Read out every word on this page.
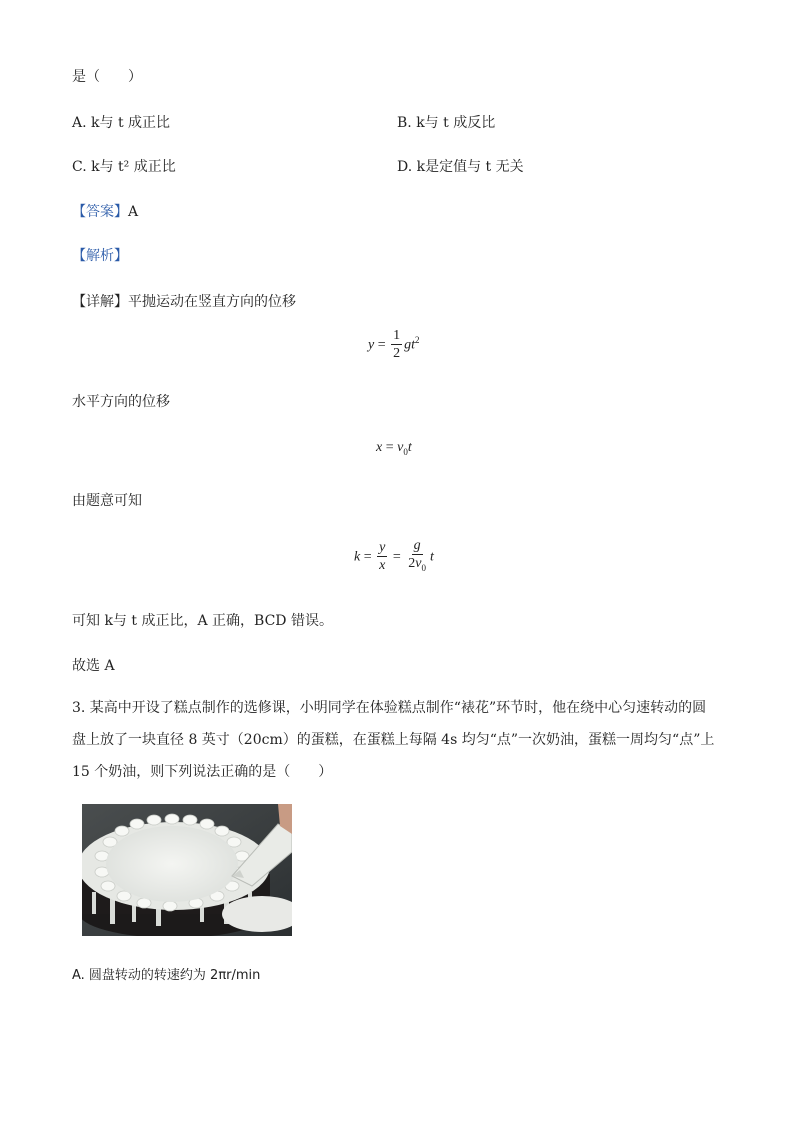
是（　　）
A. k与 t 成正比	B. k与 t 成反比
C. k与 t² 成正比	D. k是定值与 t 无关
【答案】A
【解析】
【详解】平抛运动在竖直方向的位移
$y = \frac{1}{2} gt^2$
水平方向的位移
$x = v_0t$
由题意可知
$k = \frac{y}{x} = \frac{g}{2v_0}$ t
可知 k与 t 成正比，A 正确，BCD 错误。
故选 A
3. 某高中开设了糕点制作的选修课，小明同学在体验糕点制作“裱花”环节时，他在绕中心匀速转动的圆
盘上放了一块直径 8 英寸（20cm）的蛋糕，在蛋糕上每隔 4s 均匀“点”一次奶油，蛋糕一周均匀“点”上
15 个奶油，则下列说法正确的是（　　）
A. 圆盘转动的转速约为 2πr/min
